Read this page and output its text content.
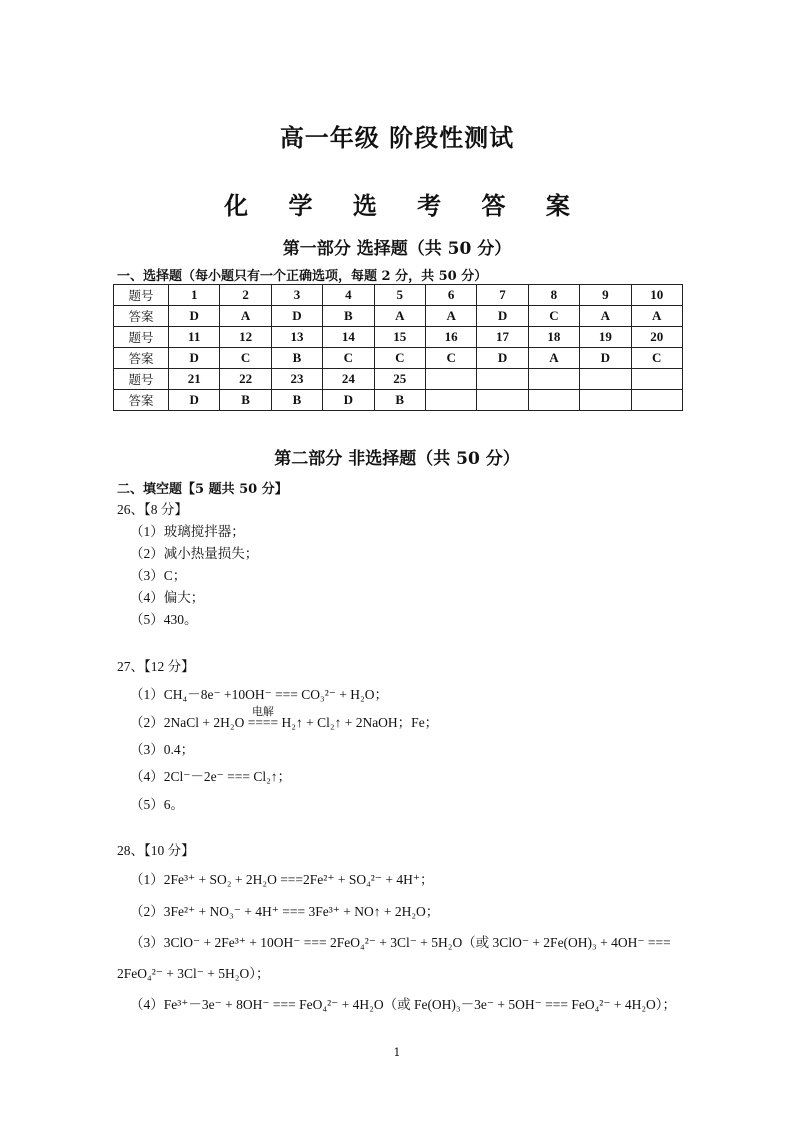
高一年级 阶段性测试
化 学 选 考 答 案
第一部分 选择题（共 50 分）
一、选择题（每小题只有一个正确选项，每题 2 分，共 50 分）
题号	1	2	3	4	5	6	7	8	9	10
答案	D	A	D	B	A	A	D	C	A	A
题号	11	12	13	14	15	16	17	18	19	20
答案	D	C	B	C	C	C	D	A	D	C
题号	21	22	23	24	25					
答案	D	B	B	D	B					
第二部分 非选择题（共 50 分）
二、填空题【5 题共 50 分】
26、【8 分】
（1）玻璃搅拌器；
（2）减小热量损失；
（3）C；
（4）偏大；
（5）430。
27、【12 分】
（1）CH₄－8e⁻ +10OH⁻ === CO₃²⁻ + H₂O；
（2）2NaCl + 2H₂O
电解
==== H₂↑ + Cl₂↑ + 2NaOH；Fe；
（3）0.4；
（4）2Cl⁻－2e⁻ === Cl₂↑；
（5）6。
28、【10 分】
（1）2Fe³⁺ + SO₂ + 2H₂O ===2Fe²⁺ + SO₄²⁻ + 4H⁺；
（2）3Fe²⁺ + NO₃⁻ + 4H⁺ === 3Fe³⁺ + NO↑ + 2H₂O；
（3）3ClO⁻ + 2Fe³⁺ + 10OH⁻ === 2FeO₄²⁻ + 3Cl⁻ + 5H₂O（或 3ClO⁻ + 2Fe(OH)₃ + 4OH⁻ ===
2FeO₄²⁻ + 3Cl⁻ + 5H₂O）；
（4）Fe³⁺－3e⁻ + 8OH⁻ === FeO₄²⁻ + 4H₂O（或 Fe(OH)₃－3e⁻ + 5OH⁻ === FeO₄²⁻ + 4H₂O）；
1
